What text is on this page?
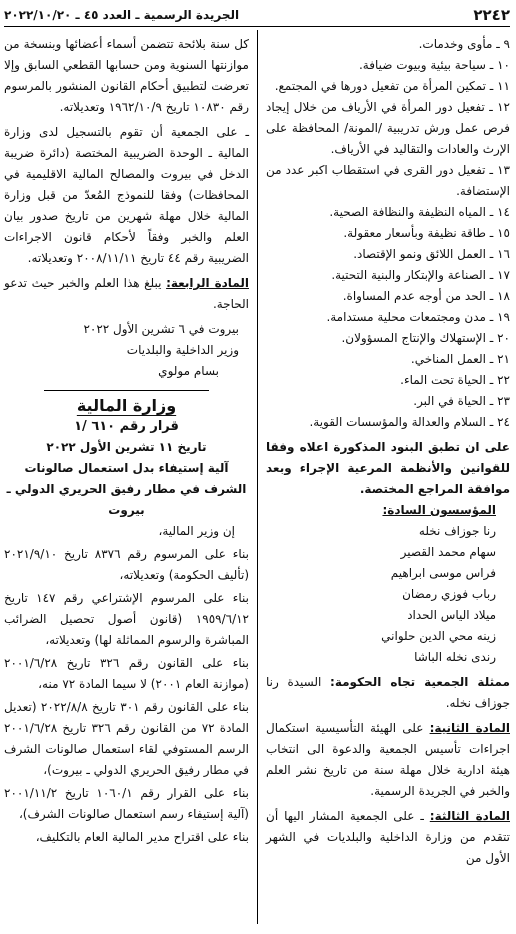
٢٢٤٢
الجريدة الرسمية ـ العدد ٤٥ ـ ٢٠٢٢/١٠/٢٠

٩ ـ مأوى وخدمات.

١٠ ـ سياحة بيئية وبيوت ضيافة.

١١ ـ تمكين المرأة من تفعيل دورها في المجتمع.

١٢ ـ تفعيل دور المرأة في الأرياف من خلال إيجاد فرص عمل ورش تدريبية /المونة/ المحافظة على الإرث والعادات والتقاليد في الأرياف.

١٣ ـ تفعيل دور القرى في استقطاب اكبر عدد من الإستضافة.

١٤ ـ المياه النظيفة والنظافة الصحية.

١٥ ـ طاقة نظيفة وبأسعار معقولة.

١٦ ـ العمل اللائق ونمو الإقتصاد.

١٧ ـ الصناعة والإبتكار والبنية التحتية.

١٨ ـ الحد من أوجه عدم المساواة.

١٩ ـ مدن ومجتمعات محلية مستدامة.

٢٠ ـ الإستهلاك والإنتاج المسؤولان.

٢١ ـ العمل المناخي.

٢٢ ـ الحياة تحت الماء.

٢٣ ـ الحياة في البر.

٢٤ ـ السلام والعدالة والمؤسسات القوية.

على ان تطبق البنود المذكورة اعلاه وفقا للقوانين والأنظمة المرعية الإجراء وبعد موافقة المراجع المختصة.

المؤسسون السادة:

رنا جوزاف نخله

سهام محمد القصير

فراس موسى ابراهيم

رباب فوزي رمضان

ميلاد الياس الحداد

زينه محي الدين حلواني

رندى نخله الباشا

ممثلة الجمعية تجاه الحكومة: السيدة رنا جوزاف نخله.

المادة الثانية: على الهيئة التأسيسية استكمال اجراءات تأسيس الجمعية والدعوة الى انتخاب هيئة ادارية خلال مهلة سنة من تاريخ نشر العلم والخبر في الجريدة الرسمية.

المادة الثالثة: ـ على الجمعية المشار اليها أن تتقدم من وزارة الداخلية والبلديات في الشهر الأول من

كل سنة بلائحة تتضمن أسماء أعضائها وبنسخة من موازنتها السنوية ومن حسابها القطعي السابق وإلا تعرضت لتطبيق أحكام القانون المنشور بالمرسوم رقم ١٠٨٣٠ تاريخ ١٩٦٢/١٠/٩ وتعديلاته.

ـ على الجمعية أن تقوم بالتسجيل لدى وزارة المالية ـ الوحدة الضريبية المختصة (دائرة ضريبة الدخل في بيروت والمصالح المالية الاقليمية في المحافظات) وفقا للنموذج المُعدّ من قبل وزارة المالية خلال مهلة شهرين من تاريخ صدور بيان العلم والخبر وفقاً لأحكام قانون الاجراءات الضريبية رقم ٤٤ تاريخ ٢٠٠٨/١١/١١ وتعديلاته.

المادة الرابعة: يبلغ هذا العلم والخبر حيث تدعو الحاجة.

بيروت في ٦ تشرين الأول ٢٠٢٢

وزير الداخلية والبلديات

بسام مولوي

وزارة المالية

قرار رقم ٦١٠ /١

تاريخ ١١ تشرين الأول ٢٠٢٢

آلية إستيفاء بدل استعمال صالونات الشرف في مطار رفيق الحريري الدولي ـ بيروت

إن وزير المالية،

بناء على المرسوم رقم ٨٣٧٦ تاريخ ٢٠٢١/٩/١٠ (تأليف الحكومة) وتعديلاته،

بناء على المرسوم الإشتراعي رقم ١٤٧ تاريخ ١٩٥٩/٦/١٢ (قانون أصول تحصيل الضرائب المباشرة والرسوم المماثلة لها) وتعديلاته،

بناء على القانون رقم ٣٢٦ تاريخ ٢٠٠١/٦/٢٨ (موازنة العام ٢٠٠١) لا سيما المادة ٧٢ منه،

بناء على القانون رقم ٣٠١ تاريخ ٢٠٢٢/٨/٨ (تعديل المادة ٧٢ من القانون رقم ٣٢٦ تاريخ ٢٠٠١/٦/٢٨ الرسم المستوفي لقاء استعمال صالونات الشرف في مطار رفيق الحريري الدولي ـ بيروت)،

بناء على القرار رقم ١٠٦٠/١ تاريخ ٢٠٠١/١١/٢ (آلية إستيفاء رسم استعمال صالونات الشرف)،

بناء على اقتراح مدير المالية العام بالتكليف،
